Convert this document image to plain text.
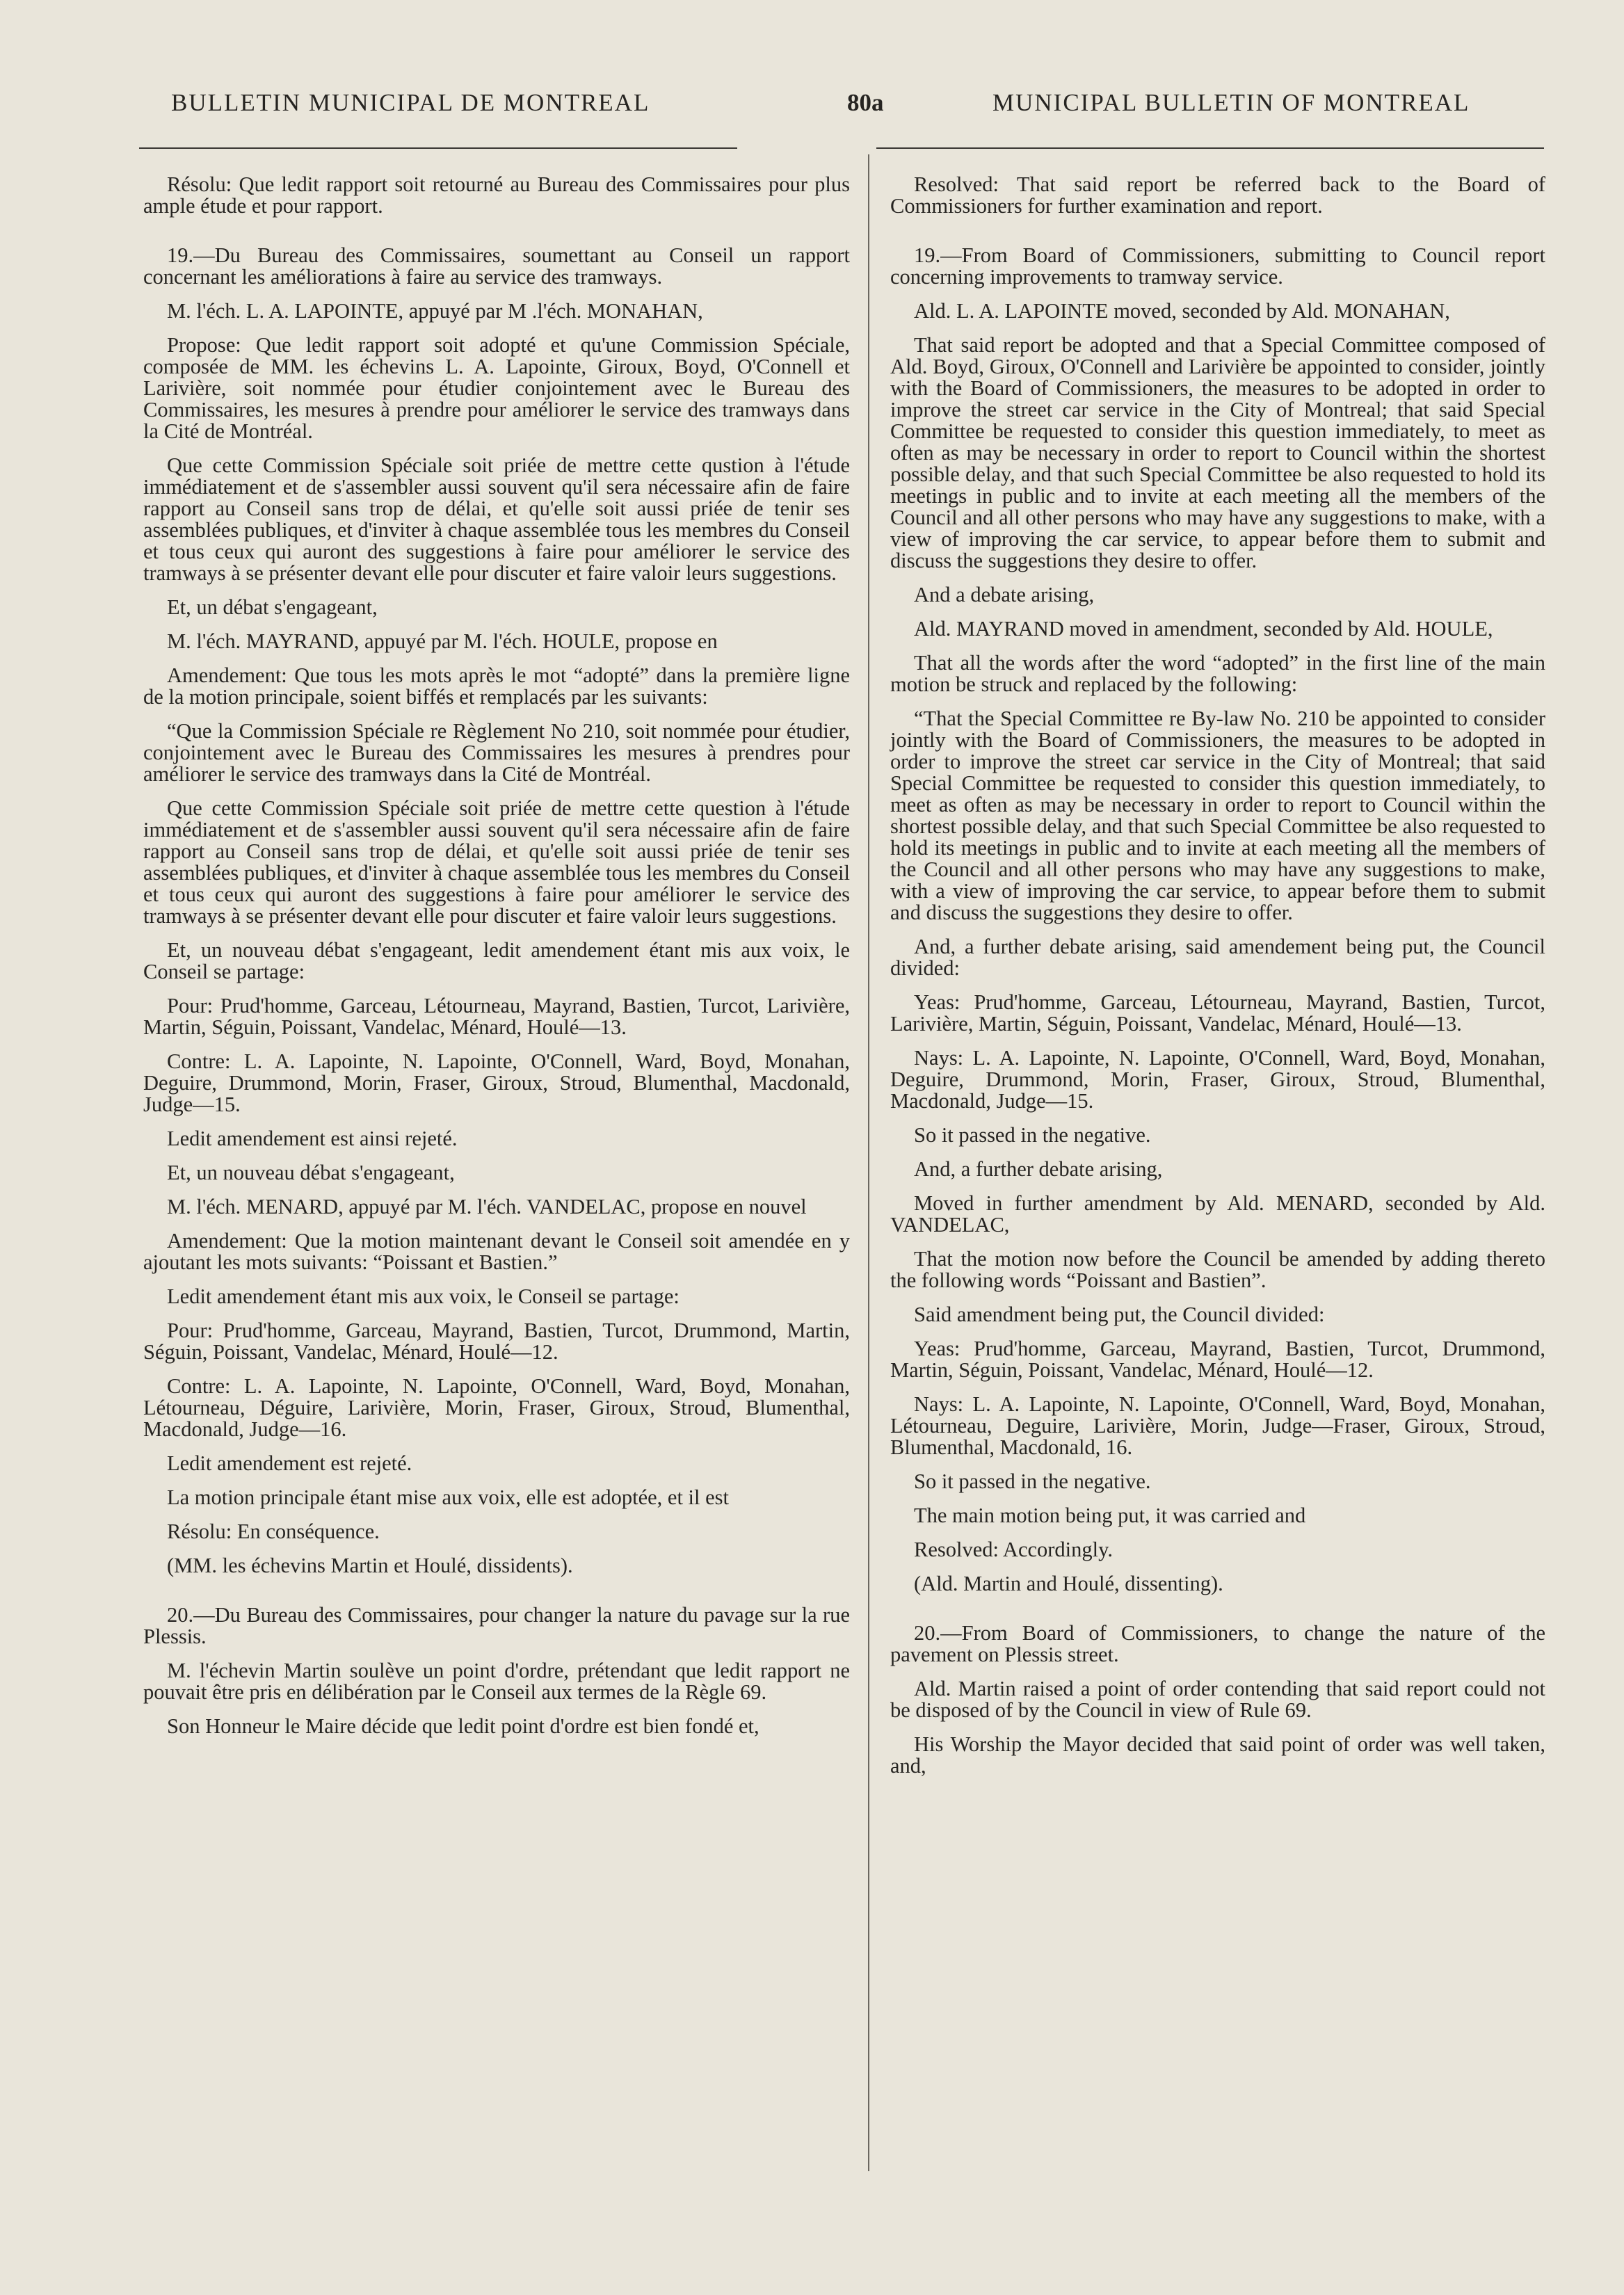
BULLETIN MUNICIPAL DE MONTREAL	80a	MUNICIPAL BULLETIN OF MONTREAL

Résolu: Que ledit rapport soit retourné au Bureau des Commissaires pour plus ample étude et pour rapport.

19.—Du Bureau des Commissaires, soumettant au Conseil un rapport concernant les améliorations à faire au service des tramways.

M. l'éch. L. A. LAPOINTE, appuyé par M .l'éch. MONAHAN,

Propose: Que ledit rapport soit adopté et qu'une Commission Spéciale, composée de MM. les échevins L. A. Lapointe, Giroux, Boyd, O'Connell et Larivière, soit nommée pour étudier conjointement avec le Bureau des Commissaires, les mesures à prendre pour améliorer le service des tramways dans la Cité de Montréal.

Que cette Commission Spéciale soit priée de mettre cette qustion à l'étude immédiatement et de s'assembler aussi souvent qu'il sera nécessaire afin de faire rapport au Conseil sans trop de délai, et qu'elle soit aussi priée de tenir ses assemblées publiques, et d'inviter à chaque assemblée tous les membres du Conseil et tous ceux qui auront des suggestions à faire pour améliorer le service des tramways à se présenter devant elle pour discuter et faire valoir leurs suggestions.

Et, un débat s'engageant,

M. l'éch. MAYRAND, appuyé par M. l'éch. HOULE, propose en

Amendement: Que tous les mots après le mot “adopté” dans la première ligne de la motion principale, soient biffés et remplacés par les suivants:

“Que la Commission Spéciale re Règlement No 210, soit nommée pour étudier, conjointement avec le Bureau des Commissaires les mesures à prendres pour améliorer le service des tramways dans la Cité de Montréal.

Que cette Commission Spéciale soit priée de mettre cette question à l'étude immédiatement et de s'assembler aussi souvent qu'il sera nécessaire afin de faire rapport au Conseil sans trop de délai, et qu'elle soit aussi priée de tenir ses assemblées publiques, et d'inviter à chaque assemblée tous les membres du Conseil et tous ceux qui auront des suggestions à faire pour améliorer le service des tramways à se présenter devant elle pour discuter et faire valoir leurs suggestions.

Et, un nouveau débat s'engageant, ledit amendement étant mis aux voix, le Conseil se partage:

Pour: Prud'homme, Garceau, Létourneau, Mayrand, Bastien, Turcot, Larivière, Martin, Séguin, Poissant, Vandelac, Ménard, Houlé—13.

Contre: L. A. Lapointe, N. Lapointe, O'Connell, Ward, Boyd, Monahan, Deguire, Drummond, Morin, Fraser, Giroux, Stroud, Blumenthal, Macdonald, Judge—15.

Ledit amendement est ainsi rejeté.

Et, un nouveau débat s'engageant,

M. l'éch. MENARD, appuyé par M. l'éch. VANDELAC, propose en nouvel

Amendement: Que la motion maintenant devant le Conseil soit amendée en y ajoutant les mots suivants: “Poissant et Bastien.”

Ledit amendement étant mis aux voix, le Conseil se partage:

Pour: Prud'homme, Garceau, Mayrand, Bastien, Turcot, Drummond, Martin, Séguin, Poissant, Vandelac, Ménard, Houlé—12.

Contre: L. A. Lapointe, N. Lapointe, O'Connell, Ward, Boyd, Monahan, Létourneau, Déguire, Larivière, Morin, Fraser, Giroux, Stroud, Blumenthal, Macdonald, Judge—16.

Ledit amendement est rejeté.

La motion principale étant mise aux voix, elle est adoptée, et il est

Résolu: En conséquence.

(MM. les échevins Martin et Houlé, dissidents).

20.—Du Bureau des Commissaires, pour changer la nature du pavage sur la rue Plessis.

M. l'échevin Martin soulève un point d'ordre, prétendant que ledit rapport ne pouvait être pris en délibération par le Conseil aux termes de la Règle 69.

Son Honneur le Maire décide que ledit point d'ordre est bien fondé et,

Resolved: That said report be referred back to the Board of Commissioners for further examination and report.

19.—From Board of Commissioners, submitting to Council report concerning improvements to tramway service.

Ald. L. A. LAPOINTE moved, seconded by Ald. MONAHAN,

That said report be adopted and that a Special Committee composed of Ald. Boyd, Giroux, O'Connell and Larivière be appointed to consider, jointly with the Board of Commissioners, the measures to be adopted in order to improve the street car service in the City of Montreal; that said Special Committee be requested to consider this question immediately, to meet as often as may be necessary in order to report to Council within the shortest possible delay, and that such Special Committee be also requested to hold its meetings in public and to invite at each meeting all the members of the Council and all other persons who may have any suggestions to make, with a view of improving the car service, to appear before them to submit and discuss the suggestions they desire to offer.

And a debate arising,

Ald. MAYRAND moved in amendment, seconded by Ald. HOULE,

That all the words after the word “adopted” in the first line of the main motion be struck and replaced by the following:

“That the Special Committee re By-law No. 210 be appointed to consider jointly with the Board of Commissioners, the measures to be adopted in order to improve the street car service in the City of Montreal; that said Special Committee be requested to consider this question immediately, to meet as often as may be necessary in order to report to Council within the shortest possible delay, and that such Special Committee be also requested to hold its meetings in public and to invite at each meeting all the members of the Council and all other persons who may have any suggestions to make, with a view of improving the car service, to appear before them to submit and discuss the suggestions they desire to offer.

And, a further debate arising, said amendement being put, the Council divided:

Yeas: Prud'homme, Garceau, Létourneau, Mayrand, Bastien, Turcot, Larivière, Martin, Séguin, Poissant, Vandelac, Ménard, Houlé—13.

Nays: L. A. Lapointe, N. Lapointe, O'Connell, Ward, Boyd, Monahan, Deguire, Drummond, Morin, Fraser, Giroux, Stroud, Blumenthal, Macdonald, Judge—15.

So it passed in the negative.

And, a further debate arising,

Moved in further amendment by Ald. MENARD, seconded by Ald. VANDELAC,

That the motion now before the Council be amended by adding thereto the following words “Poissant and Bastien”.

Said amendment being put, the Council divided:

Yeas: Prud'homme, Garceau, Mayrand, Bastien, Turcot, Drummond, Martin, Séguin, Poissant, Vandelac, Ménard, Houlé—12.

Nays: L. A. Lapointe, N. Lapointe, O'Connell, Ward, Boyd, Monahan, Létourneau, Deguire, Larivière, Morin, Judge—Fraser, Giroux, Stroud, Blumenthal, Macdonald, 16.

So it passed in the negative.

The main motion being put, it was carried and

Resolved: Accordingly.

(Ald. Martin and Houlé, dissenting).

20.—From Board of Commissioners, to change the nature of the pavement on Plessis street.

Ald. Martin raised a point of order contending that said report could not be disposed of by the Council in view of Rule 69.

His Worship the Mayor decided that said point of order was well taken, and,
